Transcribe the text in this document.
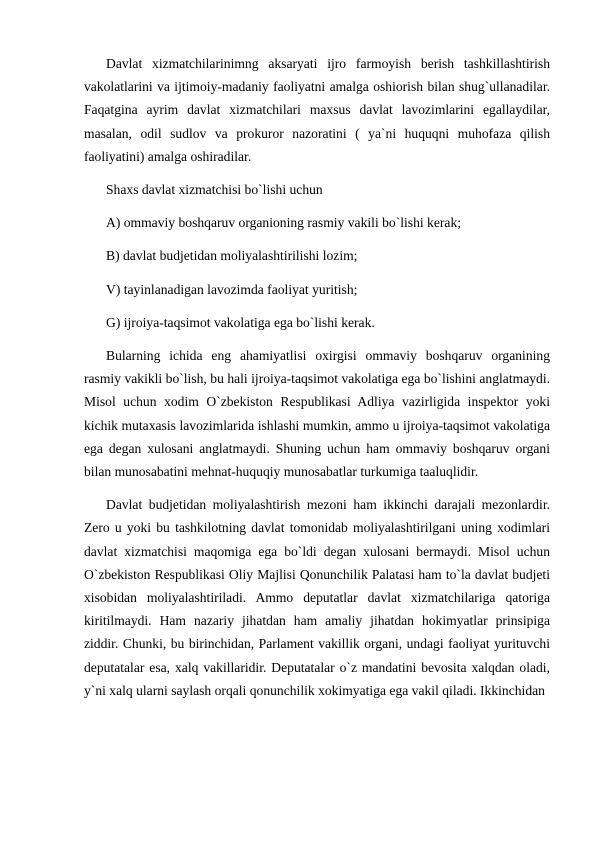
Davlat xizmatchilarinimng aksaryati ijro farmoyish berish tashkillashtirish vakolatlarini va ijtimoiy-madaniy faoliyatni amalga oshiorish bilan shug`ullanadilar. Faqatgina ayrim davlat xizmatchilari maxsus davlat lavozimlarini egallaydilar, masalan, odil sudlov va prokuror nazoratini ( ya`ni huquqni muhofaza qilish faoliyatini) amalga oshiradilar.

Shaxs davlat xizmatchisi bo`lishi uchun

A) ommaviy boshqaruv organioning rasmiy vakili bo`lishi kerak;

B) davlat budjetidan moliyalashtirilishi lozim;

V) tayinlanadigan lavozimda faoliyat yuritish;

G) ijroiya-taqsimot vakolatiga ega bo`lishi kerak.

Bularning ichida eng ahamiyatlisi oxirgisi ommaviy boshqaruv organining rasmiy vakikli bo`lish, bu hali ijroiya-taqsimot vakolatiga ega bo`lishini anglatmaydi. Misol uchun xodim O`zbekiston Respublikasi Adliya vazirligida inspektor yoki kichik mutaxasis lavozimlarida ishlashi mumkin, ammo u ijroiya-taqsimot vakolatiga ega degan xulosani anglatmaydi. Shuning uchun ham ommaviy boshqaruv organi bilan munosabatini mehnat-huquqiy munosabatlar turkumiga taaluqlidir.

Davlat budjetidan moliyalashtirish mezoni ham ikkinchi darajali mezonlardir. Zero u yoki bu tashkilotning davlat tomonidab moliyalashtirilgani uning xodimlari davlat xizmatchisi maqomiga ega bo`ldi degan xulosani bermaydi. Misol uchun O`zbekiston Respublikasi Oliy Majlisi Qonunchilik Palatasi ham to`la davlat budjeti xisobidan moliyalashtiriladi. Ammo deputatlar davlat xizmatchilariga qatoriga kiritilmaydi. Ham nazariy jihatdan ham amaliy jihatdan hokimyatlar prinsipiga ziddir. Chunki, bu birinchidan, Parlament vakillik organi, undagi faoliyat yurituvchi deputatalar esa, xalq vakillaridir. Deputatalar o`z mandatini bevosita xalqdan oladi, y`ni xalq ularni saylash orqali qonunchilik xokimyatiga ega vakil qiladi. Ikkinchidan
